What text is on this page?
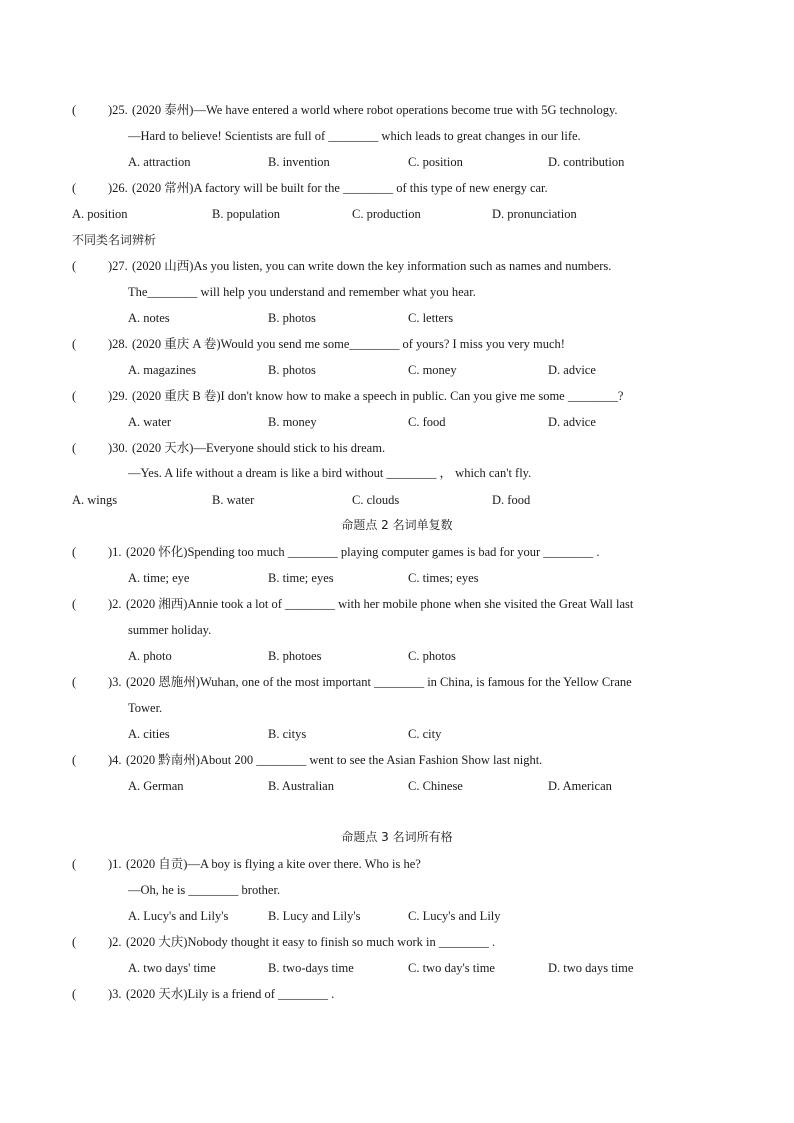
(	)25. (2020 泰州)—We have entered a world where robot operations become true with 5G technology.
—Hard to believe! Scientists are full of ________ which leads to great changes in our life.
A. attraction	B. invention	C. position	D. contribution
(	)26. (2020 常州)A factory will be built for the ________ of this type of new energy car.
A. position	B. population	C. production	D. pronunciation
不同类名词辨析
(	)27. (2020 山西)As you listen, you can write down the key information such as names and numbers.
The________ will help you understand and remember what you hear.
A. notes	B. photos	C. letters
(	)28. (2020 重庆 A 卷)Would you send me some________ of yours? I miss you very much!
A. magazines	B. photos	C. money	D. advice
(	)29. (2020 重庆 B 卷)I don't know how to make a speech in public. Can you give me some ________?
A. water	B. money	C. food	D. advice
(	)30. (2020 天水)—Everyone should stick to his dream.
—Yes. A life without a dream is like a bird without ________ ， which can't fly.
A. wings	B. water	C. clouds	D. food
命题点 2 名词单复数
(	)1. (2020 怀化)Spending too much ________ playing computer games is bad for your ________ .
A. time; eye	B. time; eyes	C. times; eyes
(	)2. (2020 湘西)Annie took a lot of ________ with her mobile phone when she visited the Great Wall last
summer holiday.
A. photo	B. photoes	C. photos
(	)3. (2020 恩施州)Wuhan, one of the most important ________ in China, is famous for the Yellow Crane
Tower.
A. cities	B. citys	C. city
(	)4. (2020 黔南州)About 200 ________ went to see the Asian Fashion Show last night.
A. German	B. Australian	C. Chinese	D. American
命题点 3 名词所有格
(	)1. (2020 自贡)—A boy is flying a kite over there. Who is he?
—Oh, he is ________ brother.
A. Lucy's and Lily's	B. Lucy and Lily's	C. Lucy's and Lily
(	)2. (2020 大庆)Nobody thought it easy to finish so much work in ________ .
A. two days' time	B. two-days time	C. two day's time	D. two days time
(	)3. (2020 天水)Lily is a friend of ________ .
